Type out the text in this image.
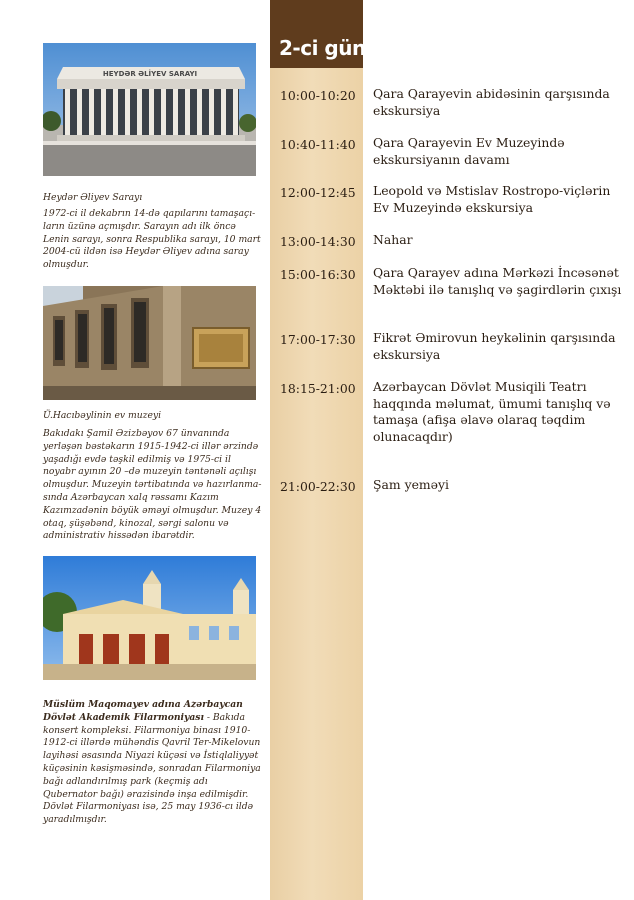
2-ci gün
HEYDƏR ƏLİYEV SARAYI
Heydər Əliyev Sarayı
1972-ci il dekabrın 14-də qapılarını tamaşaçı-ların üzünə açmışdır. Sarayın adı ilk öncə Lenin sarayı, sonra Respublika sarayı, 10 mart 2004-cü ildən isə Heydər Əliyev adına saray olmuşdur.
Ü.Hacıbəylinin ev muzeyi
Bakıdakı Şamil Əzizbəyov 67 ünvanında yerləşən bəstəkarın 1915-1942-ci illər ərzində yaşadığı evdə təşkil edilmiş və 1975-ci il noyabr ayının 20 –də muzeyin təntənəli açılışı olmuşdur. Muzeyin tərtibatında və hazırlanma-sında Azərbaycan xalq rəssamı Kazım Kazımzadənin böyük əməyi olmuşdur. Muzey 4 otaq, şüşəbənd, kinozal, sərgi salonu və administrativ hissədən ibarətdir.
Müslüm Maqomayev adına Azərbaycan Dövlət Akademik Filarmoniyası - Bakıda konsert kompleksi. Filarmoniya binası 1910-1912-ci illərdə mühəndis Qavril Ter-Mikelovun layihəsi əsasında Niyazi küçəsi və İstiqlaliyyət küçəsinin kəsişməsində, sonradan Filarmoniya bağı adlandırılmış park (keçmiş adı Qubernator bağı) ərazisində inşa edilmişdir. Dövlət Filarmoniyası isə, 25 may 1936-cı ildə yaradılmışdır.
10:00-10:20	Qara Qarayevin abidəsinin qarşısında ekskursiya
10:40-11:40	Qara Qarayevin Ev Muzeyində ekskursiyanın davamı
12:00-12:45	Leopold və Mstislav Rostropo-viçlərin Ev Muzeyində ekskursiya
13:00-14:30	Nahar
15:00-16:30	Qara Qarayev adına Mərkəzi İncəsənət Məktəbi ilə tanışlıq və şagirdlərin çıxışı
17:00-17:30	Fikrət Əmirovun heykəlinin qarşısında ekskursiya
18:15-21:00	Azərbaycan Dövlət Musiqili Teatrı haqqında məlumat, ümumi tanışlıq və tamaşa (afişa əlavə olaraq təqdim olunacaqdır)
21:00-22:30	Şam yeməyi
